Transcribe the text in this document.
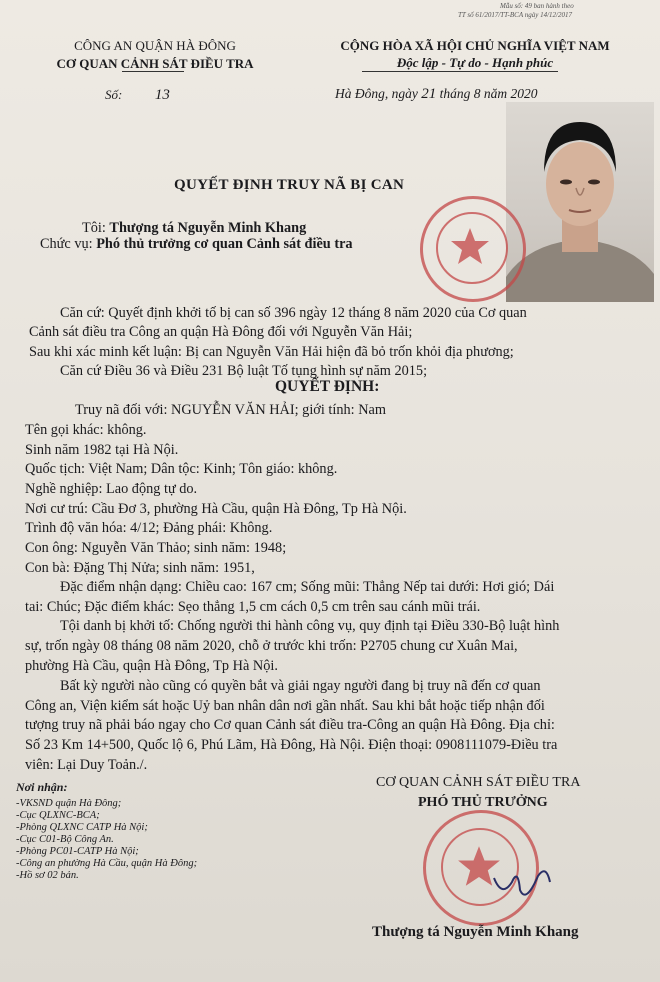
Mẫu số: 49 ban hành theo
TT số 61/2017/TT-BCA ngày 14/12/2017
CÔNG AN QUẬN HÀ ĐÔNG
CƠ QUAN CẢNH SÁT ĐIỀU TRA
Số: 13
CỘNG HÒA XÃ HỘI CHỦ NGHĨA VIỆT NAM
Độc lập - Tự do - Hạnh phúc
Hà Đông, ngày 21 tháng 8 năm 2020
QUYẾT ĐỊNH TRUY NÃ BỊ CAN
Tôi: Thượng tá Nguyễn Minh Khang
Chức vụ: Phó thủ trưởng cơ quan Cảnh sát điều tra
Căn cứ: Quyết định khởi tố bị can số 396 ngày 12 tháng 8 năm 2020 của Cơ quan
Cảnh sát điều tra Công an quận Hà Đông đối với Nguyễn Văn Hải;
Sau khi xác minh kết luận: Bị can Nguyễn Văn Hải hiện đã bỏ trốn khỏi địa phương;
Căn cứ Điều 36 và Điều 231 Bộ luật Tố tụng hình sự năm 2015;
QUYẾT ĐỊNH:
Truy nã đối với: NGUYỄN VĂN HẢI; giới tính: Nam
Tên gọi khác: không.
Sinh năm 1982 tại Hà Nội.
Quốc tịch: Việt Nam; Dân tộc: Kinh; Tôn giáo: không.
Nghề nghiệp: Lao động tự do.
Nơi cư trú: Cầu Đơ 3, phường Hà Cầu, quận Hà Đông, Tp Hà Nội.
Trình độ văn hóa: 4/12; Đảng phái: Không.
Con ông: Nguyễn Văn Thảo; sinh năm: 1948;
Con bà: Đặng Thị Nửa; sinh năm: 1951,
Đặc điểm nhận dạng: Chiều cao: 167 cm; Sống mũi: Thẳng Nếp tai dưới: Hơi gió; Dái
tai: Chúc; Đặc điểm khác: Sẹo thẳng 1,5 cm cách 0,5 cm trên sau cánh mũi trái.
Tội danh bị khởi tố: Chống người thi hành công vụ, quy định tại Điều 330-Bộ luật hình
sự, trốn ngày 08 tháng 08 năm 2020, chỗ ở trước khi trốn: P2705 chung cư Xuân Mai,
phường Hà Cầu, quận Hà Đông, Tp Hà Nội.
Bất kỳ người nào cũng có quyền bắt và giải ngay người đang bị truy nã đến cơ quan
Công an, Viện kiểm sát hoặc Uỷ ban nhân dân nơi gần nhất. Sau khi bắt hoặc tiếp nhận đối
tượng truy nã phải báo ngay cho Cơ quan Cảnh sát điều tra-Công an quận Hà Đông. Địa chỉ:
Số 23 Km 14+500, Quốc lộ 6, Phú Lãm, Hà Đông, Hà Nội. Điện thoại: 0908111079-Điều tra
viên: Lại Duy Toản./.
Nơi nhận:
-VKSND quận Hà Đông;
-Cục QLXNC-BCA;
-Phòng QLXNC CATP Hà Nội;
-Cục C01-Bộ Công An.
-Phòng PC01-CATP Hà Nội;
-Công an phường Hà Cầu, quận Hà Đông;
-Hồ sơ 02 bản.
CƠ QUAN CẢNH SÁT ĐIỀU TRA
PHÓ THỦ TRƯỞNG
Thượng tá Nguyễn Minh Khang
